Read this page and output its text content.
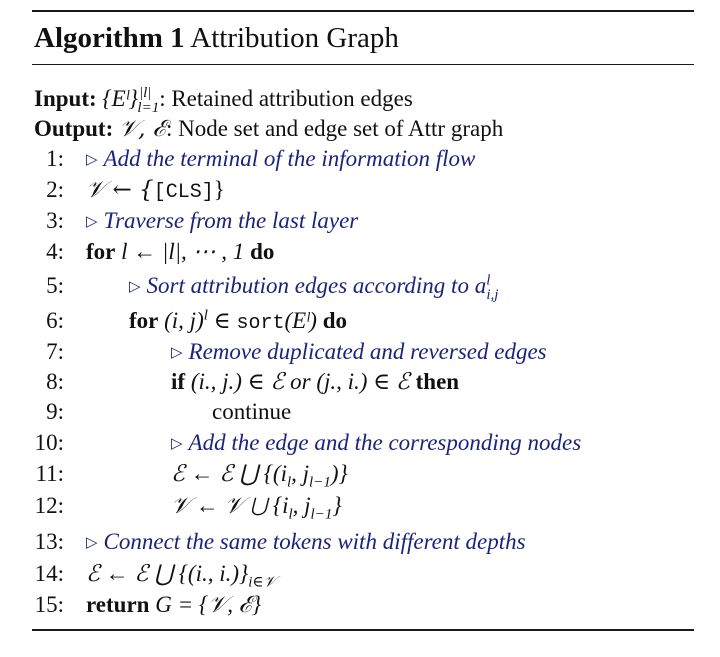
Algorithm 1 Attribution Graph
Input: {Eˡ}$^{|l|}_{l=1}$: Retained attribution edges
Output: 𝒱, ℰ: Node set and edge set of Attr graph
1: ▷ Add the terminal of the information flow
2: 𝒱 ← {[CLS]}
3: ▷ Traverse from the last layer
4: for l ← |l|, ⋯ , 1 do
5:	▷ Sort attribution edges according to $a^l_{i,j}$
6:	for (i, j)$^l$ ∈ sort(Eˡ) do
7:	▷ Remove duplicated and reversed edges
8:	if (i., j.) ∈ ℰ or (j., i.) ∈ ℰ then
9:	continue
10:	▷ Add the edge and the corresponding nodes
11:	ℰ ← ℰ ⋃ {($i_l$, $j_{l-1}$)}
12:	𝒱 ← 𝒱 ⋃ {$i_l$, $j_{l-1}$}
13: ▷ Connect the same tokens with different depths
14: ℰ ← ℰ ⋃ {(i., $i.)\}_{i\in 𝒱}$
15: return G = {𝒱, ℰ}
